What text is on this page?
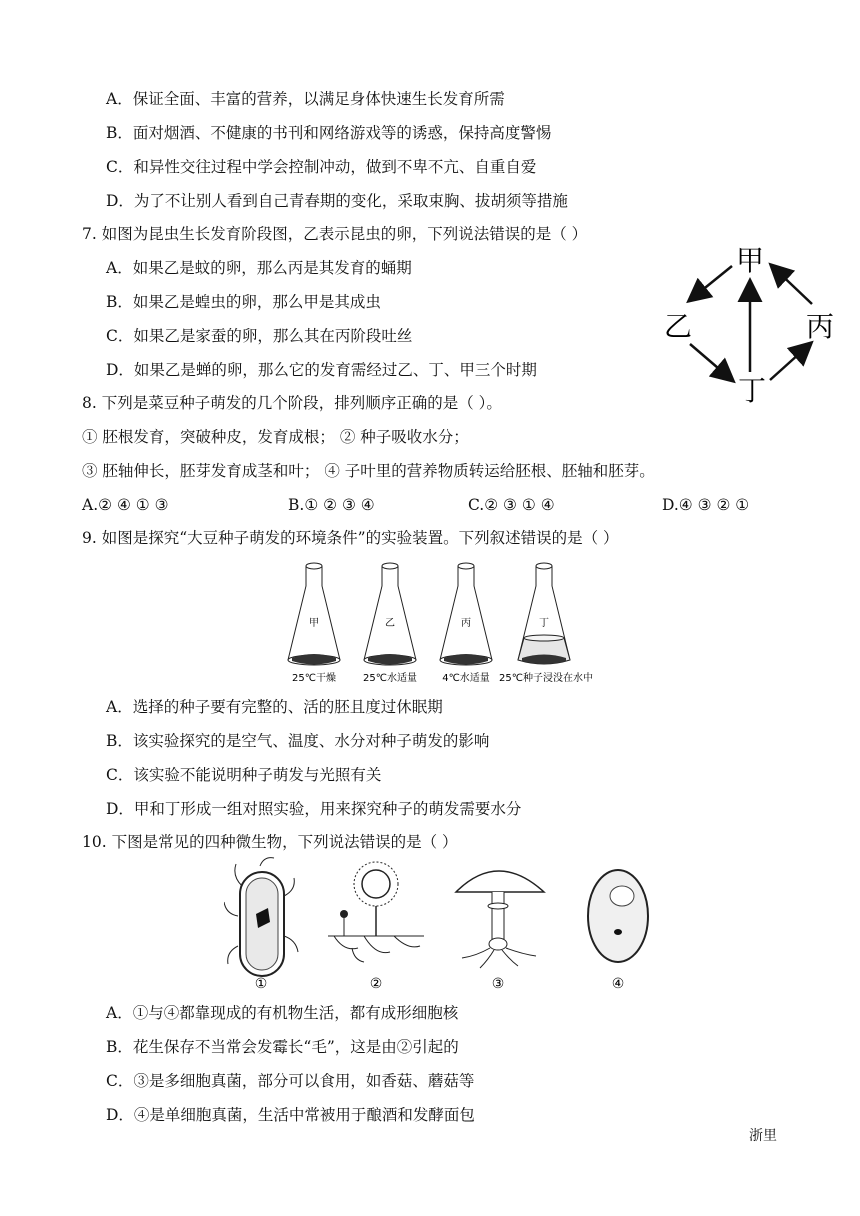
A．保证全面、丰富的营养，以满足身体快速生长发育所需
B．面对烟酒、不健康的书刊和网络游戏等的诱惑，保持高度警惕
C．和异性交往过程中学会控制冲动，做到不卑不亢、自重自爱
D．为了不让别人看到自己青春期的变化，采取束胸、拔胡须等措施
7. 如图为昆虫生长发育阶段图，乙表示昆虫的卵，下列说法错误的是（ ）
A．如果乙是蚊的卵，那么丙是其发育的蛹期
B．如果乙是蝗虫的卵，那么甲是其成虫
C．如果乙是家蚕的卵，那么其在丙阶段吐丝
D．如果乙是蝉的卵，那么它的发育需经过乙、丁、甲三个时期
甲
乙	丙
丁
8. 下列是菜豆种子萌发的几个阶段，排列顺序正确的是（ ）。
① 胚根发育，突破种皮，发育成根； ② 种子吸收水分；
③ 胚轴伸长，胚芽发育成茎和叶； ④ 子叶里的营养物质转运给胚根、胚轴和胚芽。
A.② ④ ① ③	B.① ② ③ ④	C.② ③ ① ④	D.④ ③ ② ①
9. 如图是探究“大豆种子萌发的环境条件”的实验装置。下列叙述错误的是（ ）
甲	乙	丙	丁
25℃干燥	25℃水适量	4℃水适量 25℃种子浸没在水中
A．选择的种子要有完整的、活的胚且度过休眠期
B．该实验探究的是空气、温度、水分对种子萌发的影响
C．该实验不能说明种子萌发与光照有关
D．甲和丁形成一组对照实验，用来探究种子的萌发需要水分
10. 下图是常见的四种微生物，下列说法错误的是（ ）
①	②	③	④
A．①与④都靠现成的有机物生活，都有成形细胞核
B．花生保存不当常会发霉长“毛”，这是由②引起的
C．③是多细胞真菌，部分可以食用，如香菇、蘑菇等
D．④是单细胞真菌，生活中常被用于酿酒和发酵面包
浙里
